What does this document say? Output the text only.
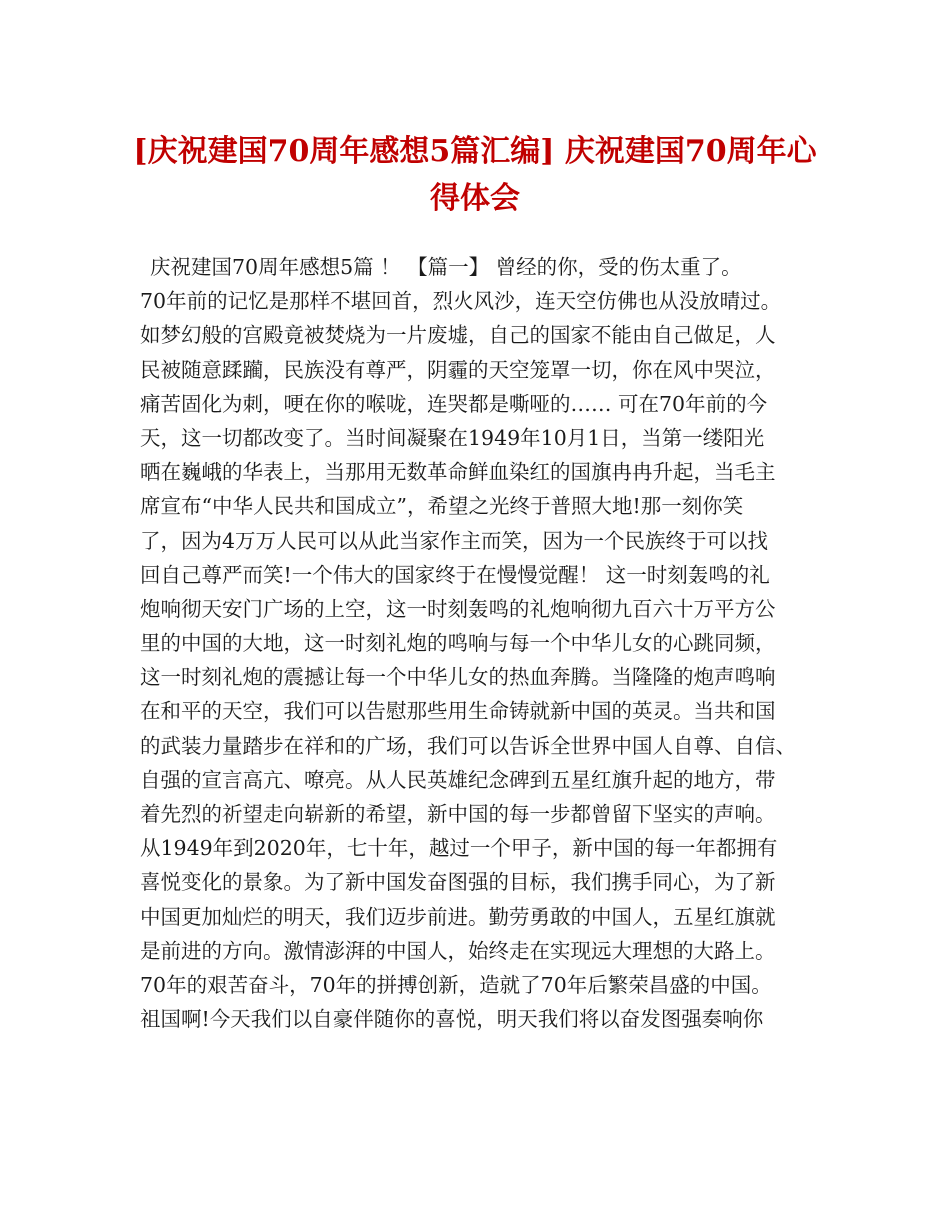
[庆祝建国70周年感想5篇汇编] 庆祝建国70周年心
得体会
庆祝建国70周年感想5篇 ！ 【篇一】 曾经的你，受的伤太重了。
70年前的记忆是那样不堪回首，烈火风沙，连天空仿佛也从没放晴过。
如梦幻般的宫殿竟被焚烧为一片废墟，自己的国家不能由自己做足，人
民被随意蹂躏，民族没有尊严，阴霾的天空笼罩一切，你在风中哭泣，
痛苦固化为刺，哽在你的喉咙，连哭都是嘶哑的…… 可在70年前的今
天，这一切都改变了。当时间凝聚在1949年10月1日，当第一缕阳光
晒在巍峨的华表上，当那用无数革命鲜血染红的国旗冉冉升起，当毛主
席宣布“中华人民共和国成立”，希望之光终于普照大地!那一刻你笑
了，因为4万万人民可以从此当家作主而笑，因为一个民族终于可以找
回自己尊严而笑!一个伟大的国家终于在慢慢觉醒！ 这一时刻轰鸣的礼
炮响彻天安门广场的上空，这一时刻轰鸣的礼炮响彻九百六十万平方公
里的中国的大地，这一时刻礼炮的鸣响与每一个中华儿女的心跳同频，
这一时刻礼炮的震撼让每一个中华儿女的热血奔腾。当隆隆的炮声鸣响
在和平的天空，我们可以告慰那些用生命铸就新中国的英灵。当共和国
的武装力量踏步在祥和的广场，我们可以告诉全世界中国人自尊、自信、
自强的宣言高亢、嘹亮。从人民英雄纪念碑到五星红旗升起的地方，带
着先烈的祈望走向崭新的希望，新中国的每一步都曾留下坚实的声响。
从1949年到2020年，七十年，越过一个甲子，新中国的每一年都拥有
喜悦变化的景象。为了新中国发奋图强的目标，我们携手同心，为了新
中国更加灿烂的明天，我们迈步前进。勤劳勇敢的中国人，五星红旗就
是前进的方向。激情澎湃的中国人，始终走在实现远大理想的大路上。
70年的艰苦奋斗，70年的拼搏创新，造就了70年后繁荣昌盛的中国。
祖国啊!今天我们以自豪伴随你的喜悦，明天我们将以奋发图强奏响你
